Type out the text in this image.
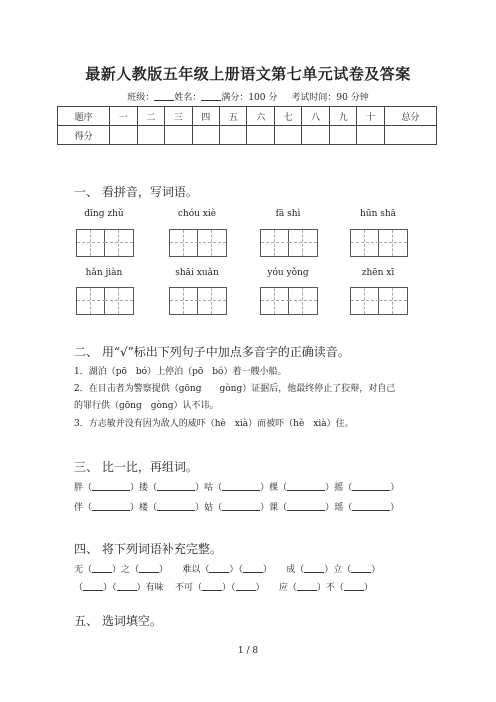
最新人教版五年级上册语文第七单元试卷及答案
班级： 姓名： 满分：100 分 考试时间：90 分钟
题序	一	二	三	四	五	六	七	八	九	十	总分
得分											
一、 看拼音，写词语。
dīng zhǔ	chóu xiè	fā shì	hūn shā
hǎn jiàn	shāi xuǎn	yóu yǒng	zhēn xī
二、 用“√”标出下列句子中加点多音字的正确读音。
1．湖泊（pō　bó）上停泊（pō　bó）着一艘小船。
2．在目击者为警察提供（gōng　　gòng）证据后，他最终停止了狡辩，对自己
的罪行供（gōng　gòng）认不讳。
3．方志敏并没有因为敌人的威吓（hè　xià）而被吓（hè　xià）住。
三、 比一比，再组词。
胖（	）搂（	）咕（	）棵（	）摇（	）
伴（	）楼（	）姑（	）课（	）瑶（	）
四、 将下列词语补充完整。
无（ ）之（ ） 难以（ ）（ ） 成（ ）立（ ）
（ ）（ ）有味 不可（ ）（ ） 应（ ）不（ ）
五、 选词填空。
1 / 8
